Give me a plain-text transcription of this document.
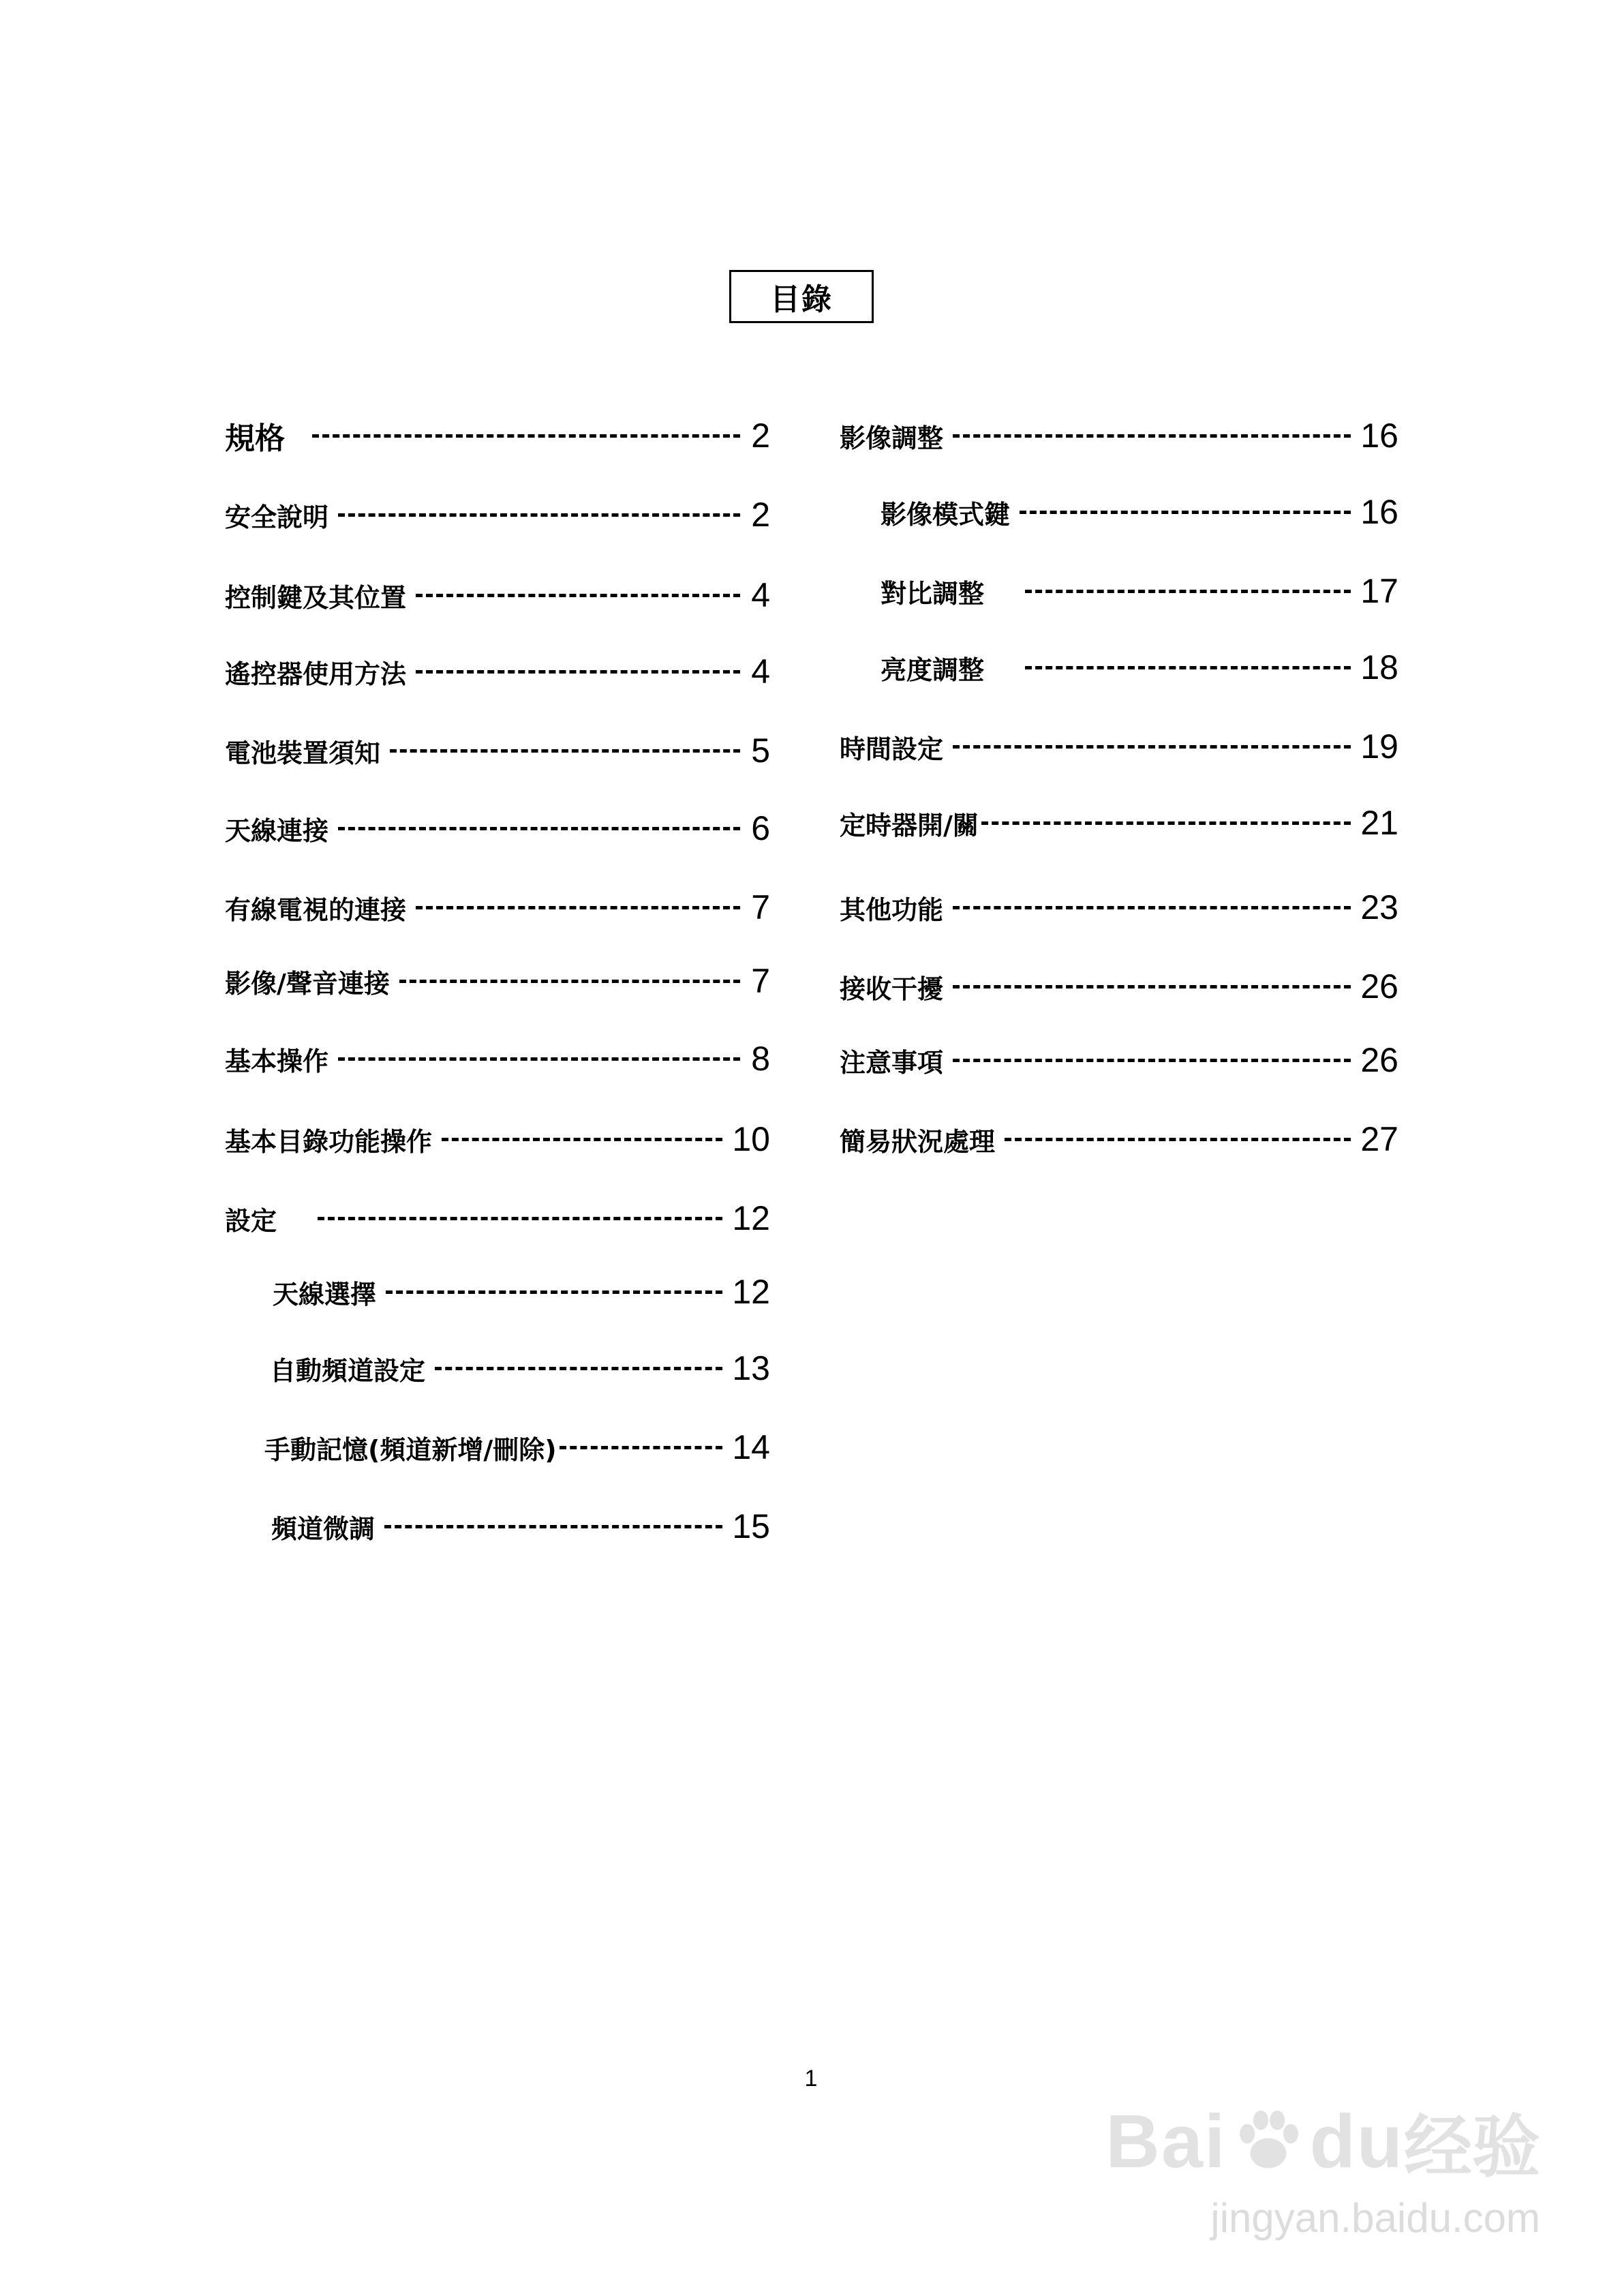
目錄
規格	2
安全說明	2
控制鍵及其位置	4
遙控器使用方法	4
電池裝置須知	5
天線連接	6
有線電視的連接	7
影像/聲音連接	7
基本操作	8
基本目錄功能操作	10
設定	12
天線選擇	12
自動頻道設定	13
手動記憶(頻道新增/刪除)	14
頻道微調	15
影像調整	16
影像模式鍵	16
對比調整	17
亮度調整	18
時間設定	19
定時器開/關	21
其他功能	23
接收干擾	26
注意事項	26
簡易狀況處理	27
1
Bai du 经验
jingyan.baidu.com
